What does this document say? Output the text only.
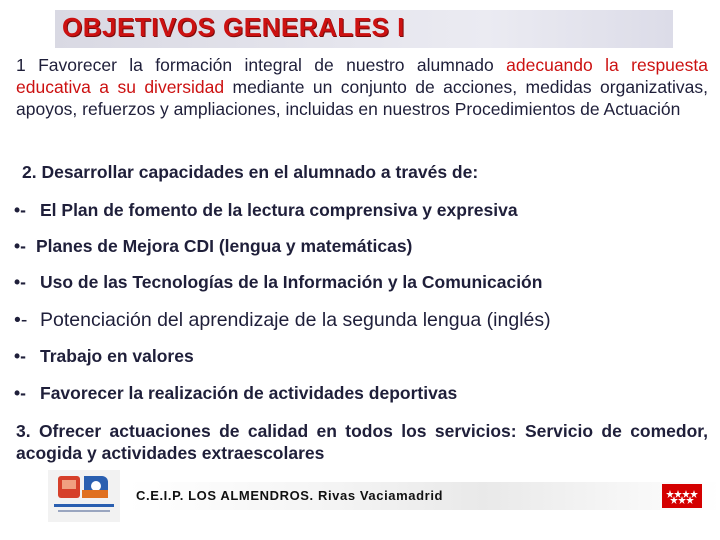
OBJETIVOS GENERALES I
1 Favorecer la formación integral de nuestro alumnado adecuando la respuesta educativa a su diversidad mediante un conjunto de acciones, medidas organizativas, apoyos, refuerzos y ampliaciones, incluidas en nuestros Procedimientos de Actuación
2. Desarrollar capacidades en el alumnado a través de:
•- El Plan de fomento de la lectura comprensiva y expresiva
•- Planes de Mejora CDI (lengua y matemáticas)
•- Uso de las Tecnologías de la Información y la Comunicación
•- Potenciación del aprendizaje de la segunda lengua (inglés)
•- Trabajo en valores
•- Favorecer la realización de actividades deportivas
3. Ofrecer actuaciones de calidad en todos los servicios: Servicio de comedor, acogida y actividades extraescolares
C.E.I.P. LOS ALMENDROS. Rivas Vaciamadrid
